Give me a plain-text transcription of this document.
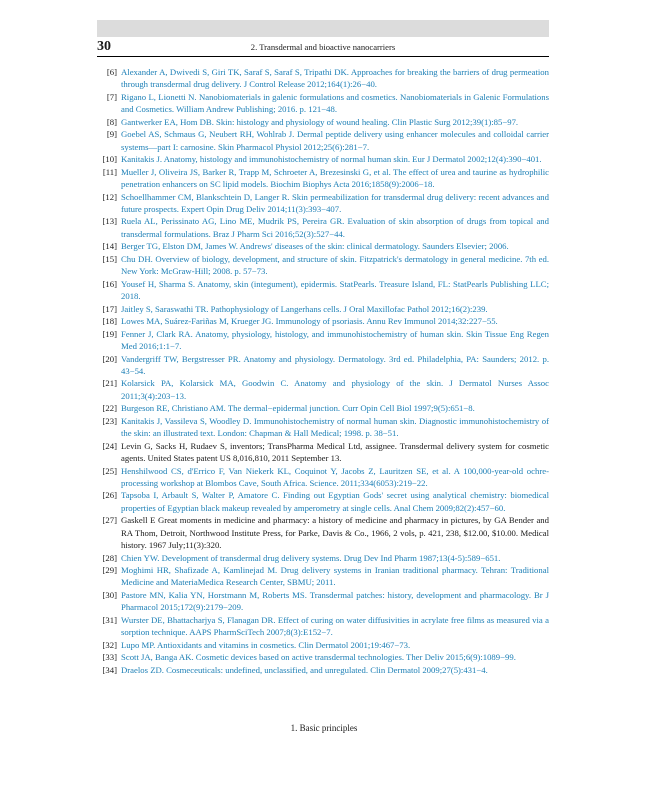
30	2. Transdermal and bioactive nanocarriers
[6] Alexander A, Dwivedi S, Giri TK, Saraf S, Saraf S, Tripathi DK. Approaches for breaking the barriers of drug permeation through transdermal drug delivery. J Control Release 2012;164(1):26−40.
[7] Rigano L, Lionetti N. Nanobiomaterials in galenic formulations and cosmetics. Nanobiomaterials in Galenic Formulations and Cosmetics. William Andrew Publishing; 2016. p. 121−48.
[8] Gantwerker EA, Hom DB. Skin: histology and physiology of wound healing. Clin Plastic Surg 2012;39(1):85−97.
[9] Goebel AS, Schmaus G, Neubert RH, Wohlrab J. Dermal peptide delivery using enhancer molecules and colloidal carrier systems—part I: carnosine. Skin Pharmacol Physiol 2012;25(6):281−7.
[10] Kanitakis J. Anatomy, histology and immunohistochemistry of normal human skin. Eur J Dermatol 2002;12(4):390−401.
[11] Mueller J, Oliveira JS, Barker R, Trapp M, Schroeter A, Brezesinski G, et al. The effect of urea and taurine as hydrophilic penetration enhancers on SC lipid models. Biochim Biophys Acta 2016;1858(9):2006−18.
[12] Schoellhammer CM, Blankschtein D, Langer R. Skin permeabilization for transdermal drug delivery: recent advances and future prospects. Expert Opin Drug Deliv 2014;11(3):393−407.
[13] Ruela AL, Perissinato AG, Lino ME, Mudrik PS, Pereira GR. Evaluation of skin absorption of drugs from topical and transdermal formulations. Braz J Pharm Sci 2016;52(3):527−44.
[14] Berger TG, Elston DM, James W. Andrews' diseases of the skin: clinical dermatology. Saunders Elsevier; 2006.
[15] Chu DH. Overview of biology, development, and structure of skin. Fitzpatrick's dermatology in general medicine. 7th ed. New York: McGraw-Hill; 2008. p. 57−73.
[16] Yousef H, Sharma S. Anatomy, skin (integument), epidermis. StatPearls. Treasure Island, FL: StatPearls Publishing LLC; 2018.
[17] Jaitley S, Saraswathi TR. Pathophysiology of Langerhans cells. J Oral Maxillofac Pathol 2012;16(2):239.
[18] Lowes MA, Suárez-Fariñas M, Krueger JG. Immunology of psoriasis. Annu Rev Immunol 2014;32:227−55.
[19] Fenner J, Clark RA. Anatomy, physiology, histology, and immunohistochemistry of human skin. Skin Tissue Eng Regen Med 2016;1:1−7.
[20] Vandergriff TW, Bergstresser PR. Anatomy and physiology. Dermatology. 3rd ed. Philadelphia, PA: Saunders; 2012. p. 43−54.
[21] Kolarsick PA, Kolarsick MA, Goodwin C. Anatomy and physiology of the skin. J Dermatol Nurses Assoc 2011;3(4):203−13.
[22] Burgeson RE, Christiano AM. The dermal−epidermal junction. Curr Opin Cell Biol 1997;9(5):651−8.
[23] Kanitakis J, Vassileva S, Woodley D. Immunohistochemistry of normal human skin. Diagnostic immunohistochemistry of the skin: an illustrated text. London: Chapman & Hall Medical; 1998. p. 38−51.
[24] Levin G, Sacks H, Rudaev S, inventors; TransPharma Medical Ltd, assignee. Transdermal delivery system for cosmetic agents. United States patent US 8,016,810, 2011 September 13.
[25] Henshilwood CS, d'Errico F, Van Niekerk KL, Coquinot Y, Jacobs Z, Lauritzen SE, et al. A 100,000-year-old ochre-processing workshop at Blombos Cave, South Africa. Science. 2011;334(6053):219−22.
[26] Tapsoba I, Arbault S, Walter P, Amatore C. Finding out Egyptian Gods' secret using analytical chemistry: biomedical properties of Egyptian black makeup revealed by amperometry at single cells. Anal Chem 2009;82(2):457−60.
[27] Gaskell E Great moments in medicine and pharmacy: a history of medicine and pharmacy in pictures, by GA Bender and RA Thom, Detroit, Northwood Institute Press, for Parke, Davis & Co., 1966, 2 vols, p. 421, 238, $12.00, $10.00. Medical history. 1967 July;11(3):320.
[28] Chien YW. Development of transdermal drug delivery systems. Drug Dev Ind Pharm 1987;13(4-5):589−651.
[29] Moghimi HR, Shafizade A, Kamlinejad M. Drug delivery systems in Iranian traditional pharmacy. Tehran: Traditional Medicine and MateriaMedica Research Center, SBMU; 2011.
[30] Pastore MN, Kalia YN, Horstmann M, Roberts MS. Transdermal patches: history, development and pharmacology. Br J Pharmacol 2015;172(9):2179−209.
[31] Wurster DE, Bhattacharjya S, Flanagan DR. Effect of curing on water diffusivities in acrylate free films as measured via a sorption technique. AAPS PharmSciTech 2007;8(3):E152−7.
[32] Lupo MP. Antioxidants and vitamins in cosmetics. Clin Dermatol 2001;19:467−73.
[33] Scott JA, Banga AK. Cosmetic devices based on active transdermal technologies. Ther Deliv 2015;6(9):1089−99.
[34] Draelos ZD. Cosmeceuticals: undefined, unclassified, and unregulated. Clin Dermatol 2009;27(5):431−4.
1. Basic principles
